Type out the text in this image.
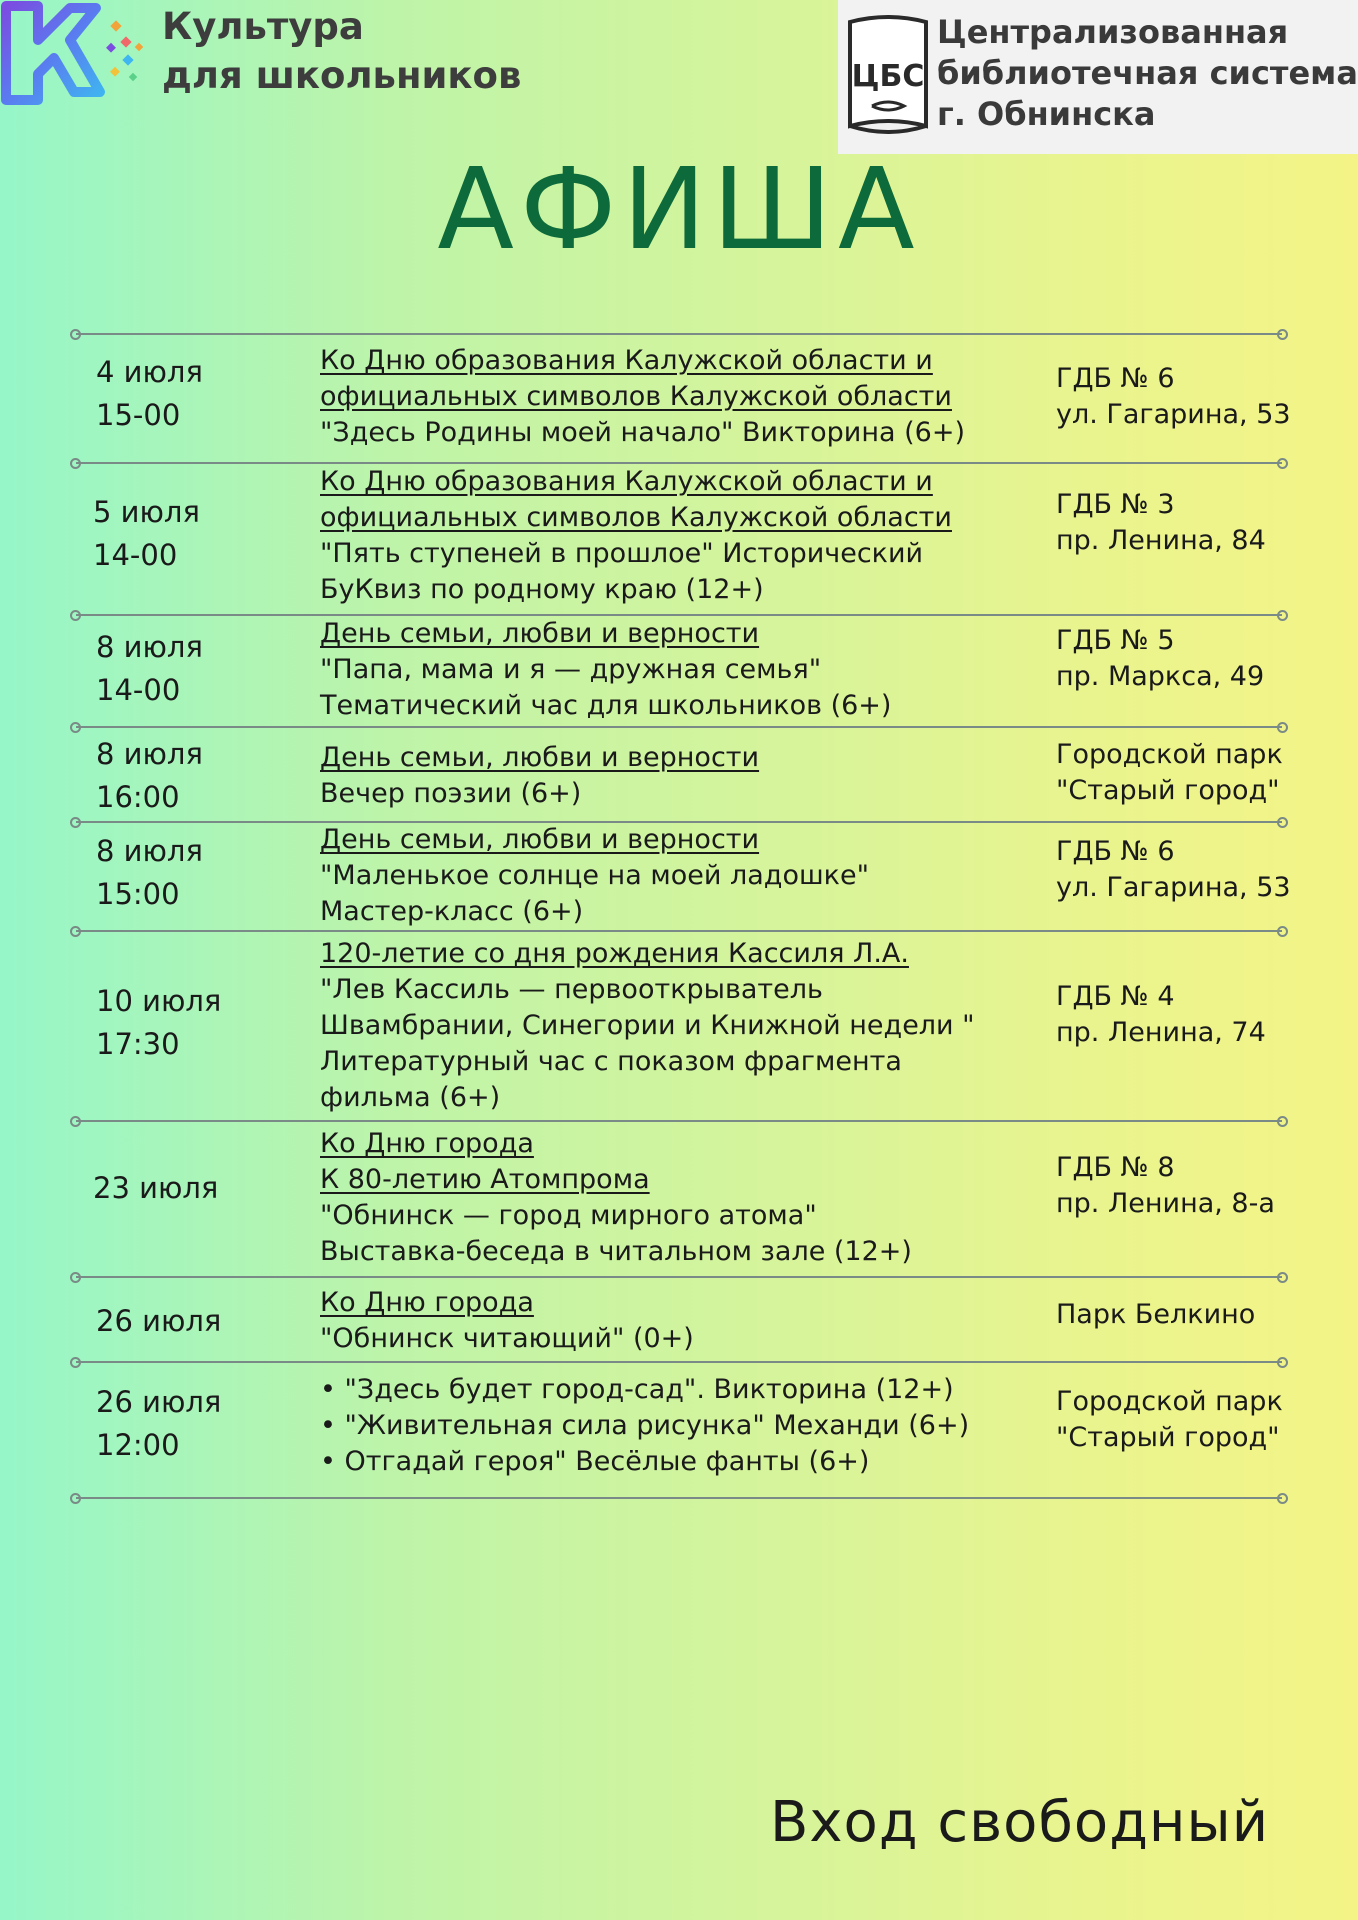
Культура
для школьников	ЦБС
Централизованная
библиотечная система
г. Обнинска
АФИША
4 июля
15-00
Ко Дню образования Калужской области и
официальных символов Калужской области
"Здесь Родины моей начало" Викторина (6+)
ГДБ № 6
ул. Гагарина, 53
5 июля
14-00
Ко Дню образования Калужской области и
официальных символов Калужской области
"Пять ступеней в прошлое" Исторический
БуКвиз по родному краю (12+)
ГДБ № 3
пр. Ленина, 84
8 июля
14-00
День семьи, любви и верности
"Папа, мама и я — дружная семья"
Тематический час для школьников (6+)
ГДБ № 5
пр. Маркса, 49
8 июля
16:00
День семьи, любви и верности
Вечер поэзии (6+)
Городской парк
"Старый город"
8 июля
15:00
День семьи, любви и верности
"Маленькое солнце на моей ладошке"
Мастер-класс (6+)
ГДБ № 6
ул. Гагарина, 53
10 июля
17:30
120-летие со дня рождения Кассиля Л.А.
"Лев Кассиль — первооткрыватель
Швамбрании, Синегории и Книжной недели "
Литературный час с показом фрагмента
фильма (6+)
ГДБ № 4
пр. Ленина, 74
23 июля
Ко Дню города
К 80-летию Атомпрома
"Обнинск — город мирного атома"
Выставка-беседа в читальном зале (12+)
ГДБ № 8
пр. Ленина, 8-а
26 июля
Ко Дню города
"Обнинск читающий" (0+)
Парк Белкино
26 июля
12:00
• "Здесь будет город-сад". Викторина (12+)
• "Живительная сила рисунка" Механди (6+)
• Отгадай героя" Весёлые фанты (6+)
Городской парк
"Старый город"
Вход свободный
